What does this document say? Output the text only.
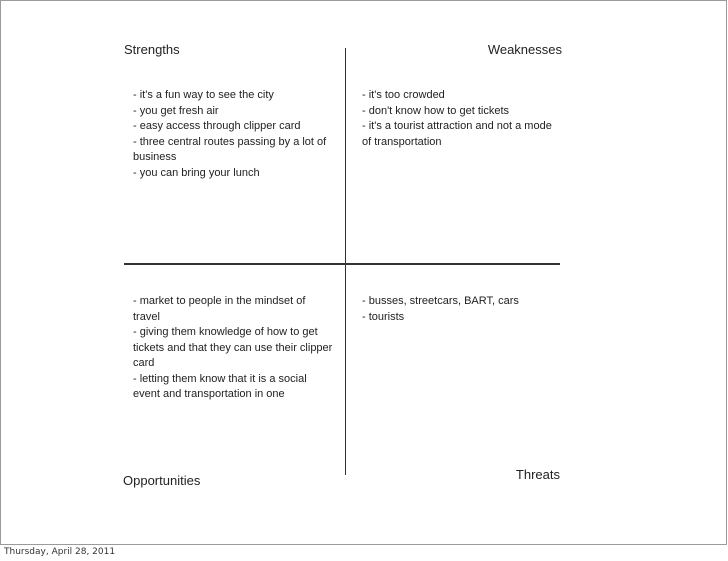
Strengths	Weaknesses
Opportunities	Threats
- it's a fun way to see the city
- you get fresh air
- easy access through clipper card
- three central routes passing by a lot of business
- you can bring your lunch
- it's too crowded
- don't know how to get tickets
- it's a tourist attraction and not a mode of transportation
- market to people in the mindset of travel
- giving them knowledge of how to get tickets and that they can use their clipper card
- letting them know that it is a social event and transportation in one
- busses, streetcars, BART, cars
- tourists
Thursday, April 28, 2011
